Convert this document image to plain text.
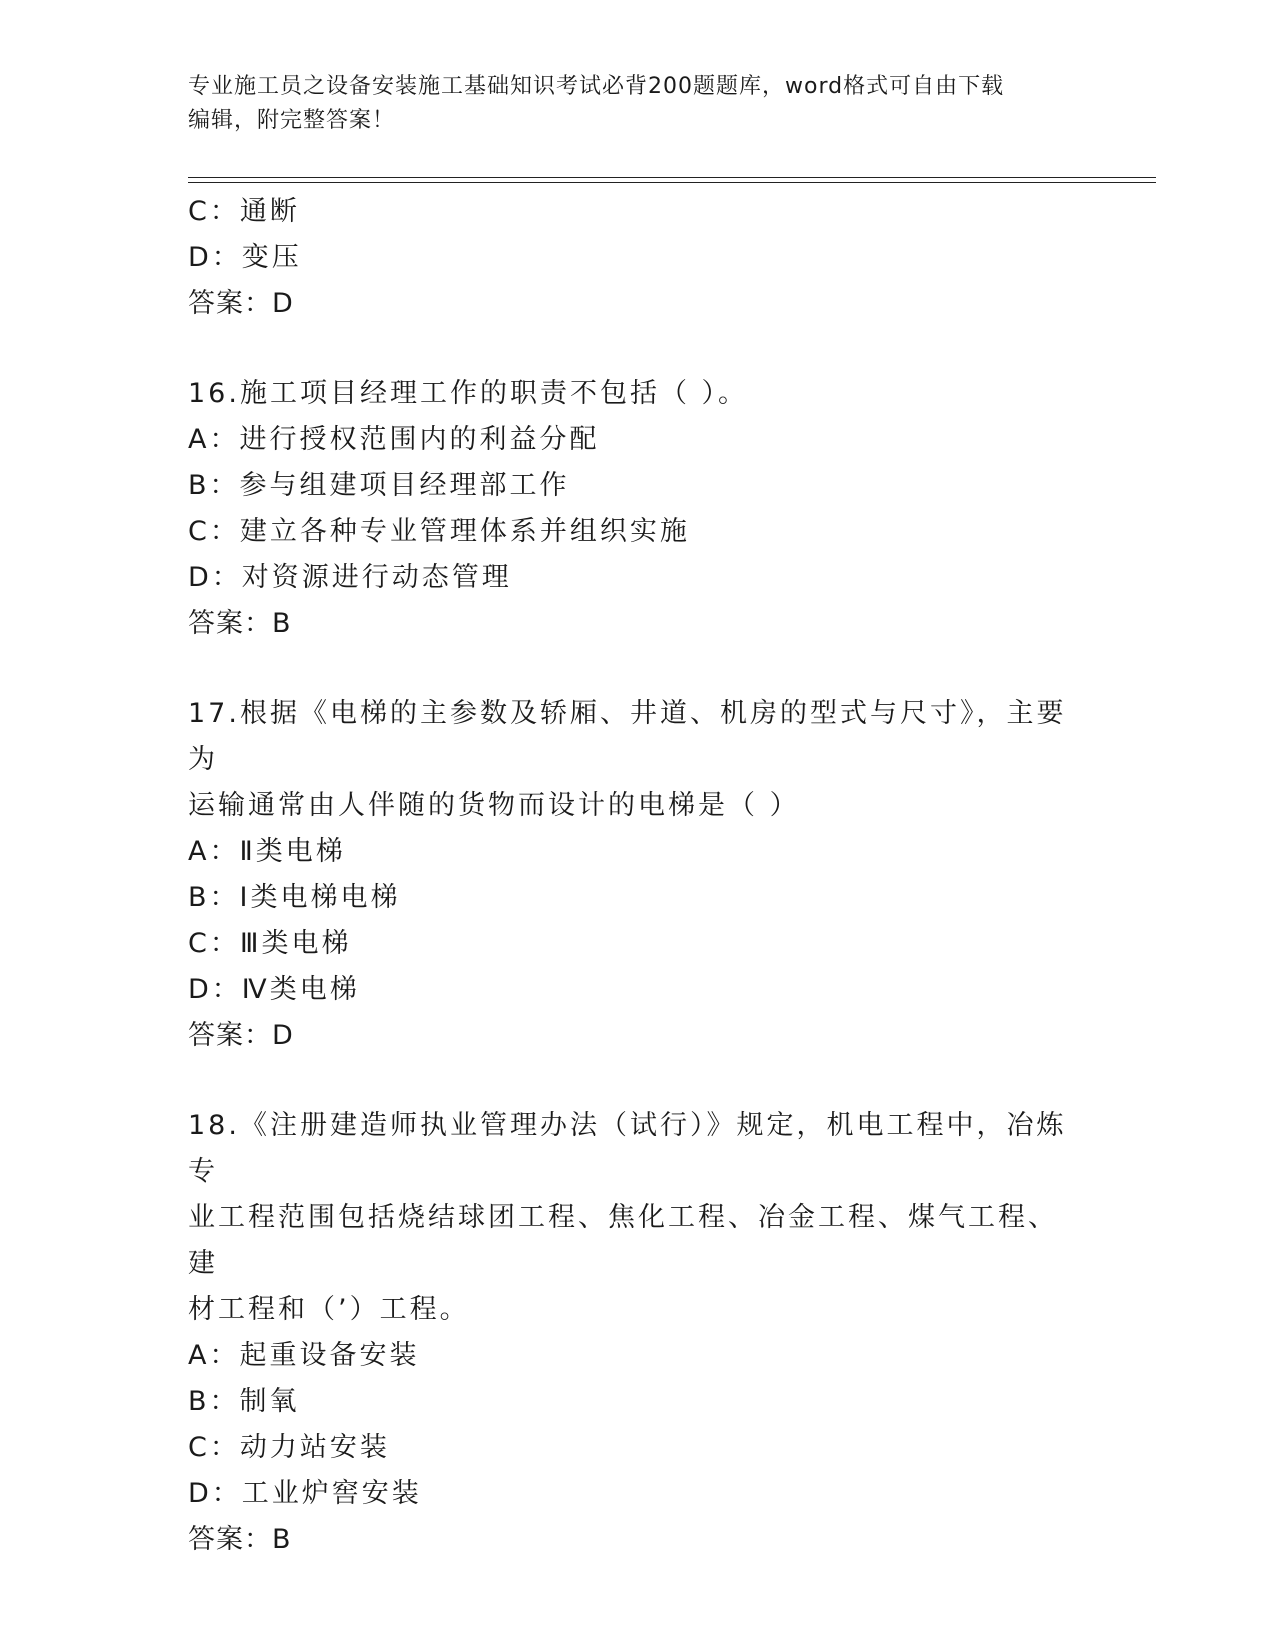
专业施工员之设备安装施工基础知识考试必背200题题库，word格式可自由下载
编辑，附完整答案！
C：通断
D：变压
答案：D
16.施工项目经理工作的职责不包括（ ）。
A：进行授权范围内的利益分配
B：参与组建项目经理部工作
C：建立各种专业管理体系并组织实施
D：对资源进行动态管理
答案：B
17.根据《电梯的主参数及轿厢、井道、机房的型式与尺寸》，主要为
运输通常由人伴随的货物而设计的电梯是（ ）
A：Ⅱ类电梯
B：Ⅰ类电梯电梯
C：Ⅲ类电梯
D：Ⅳ类电梯
答案：D
18.《注册建造师执业管理办法（试行）》规定，机电工程中，冶炼专
业工程范围包括烧结球团工程、焦化工程、冶金工程、煤气工程、建
材工程和（’）工程。
A：起重设备安装
B：制氧
C：动力站安装
D：工业炉窖安装
答案：B
